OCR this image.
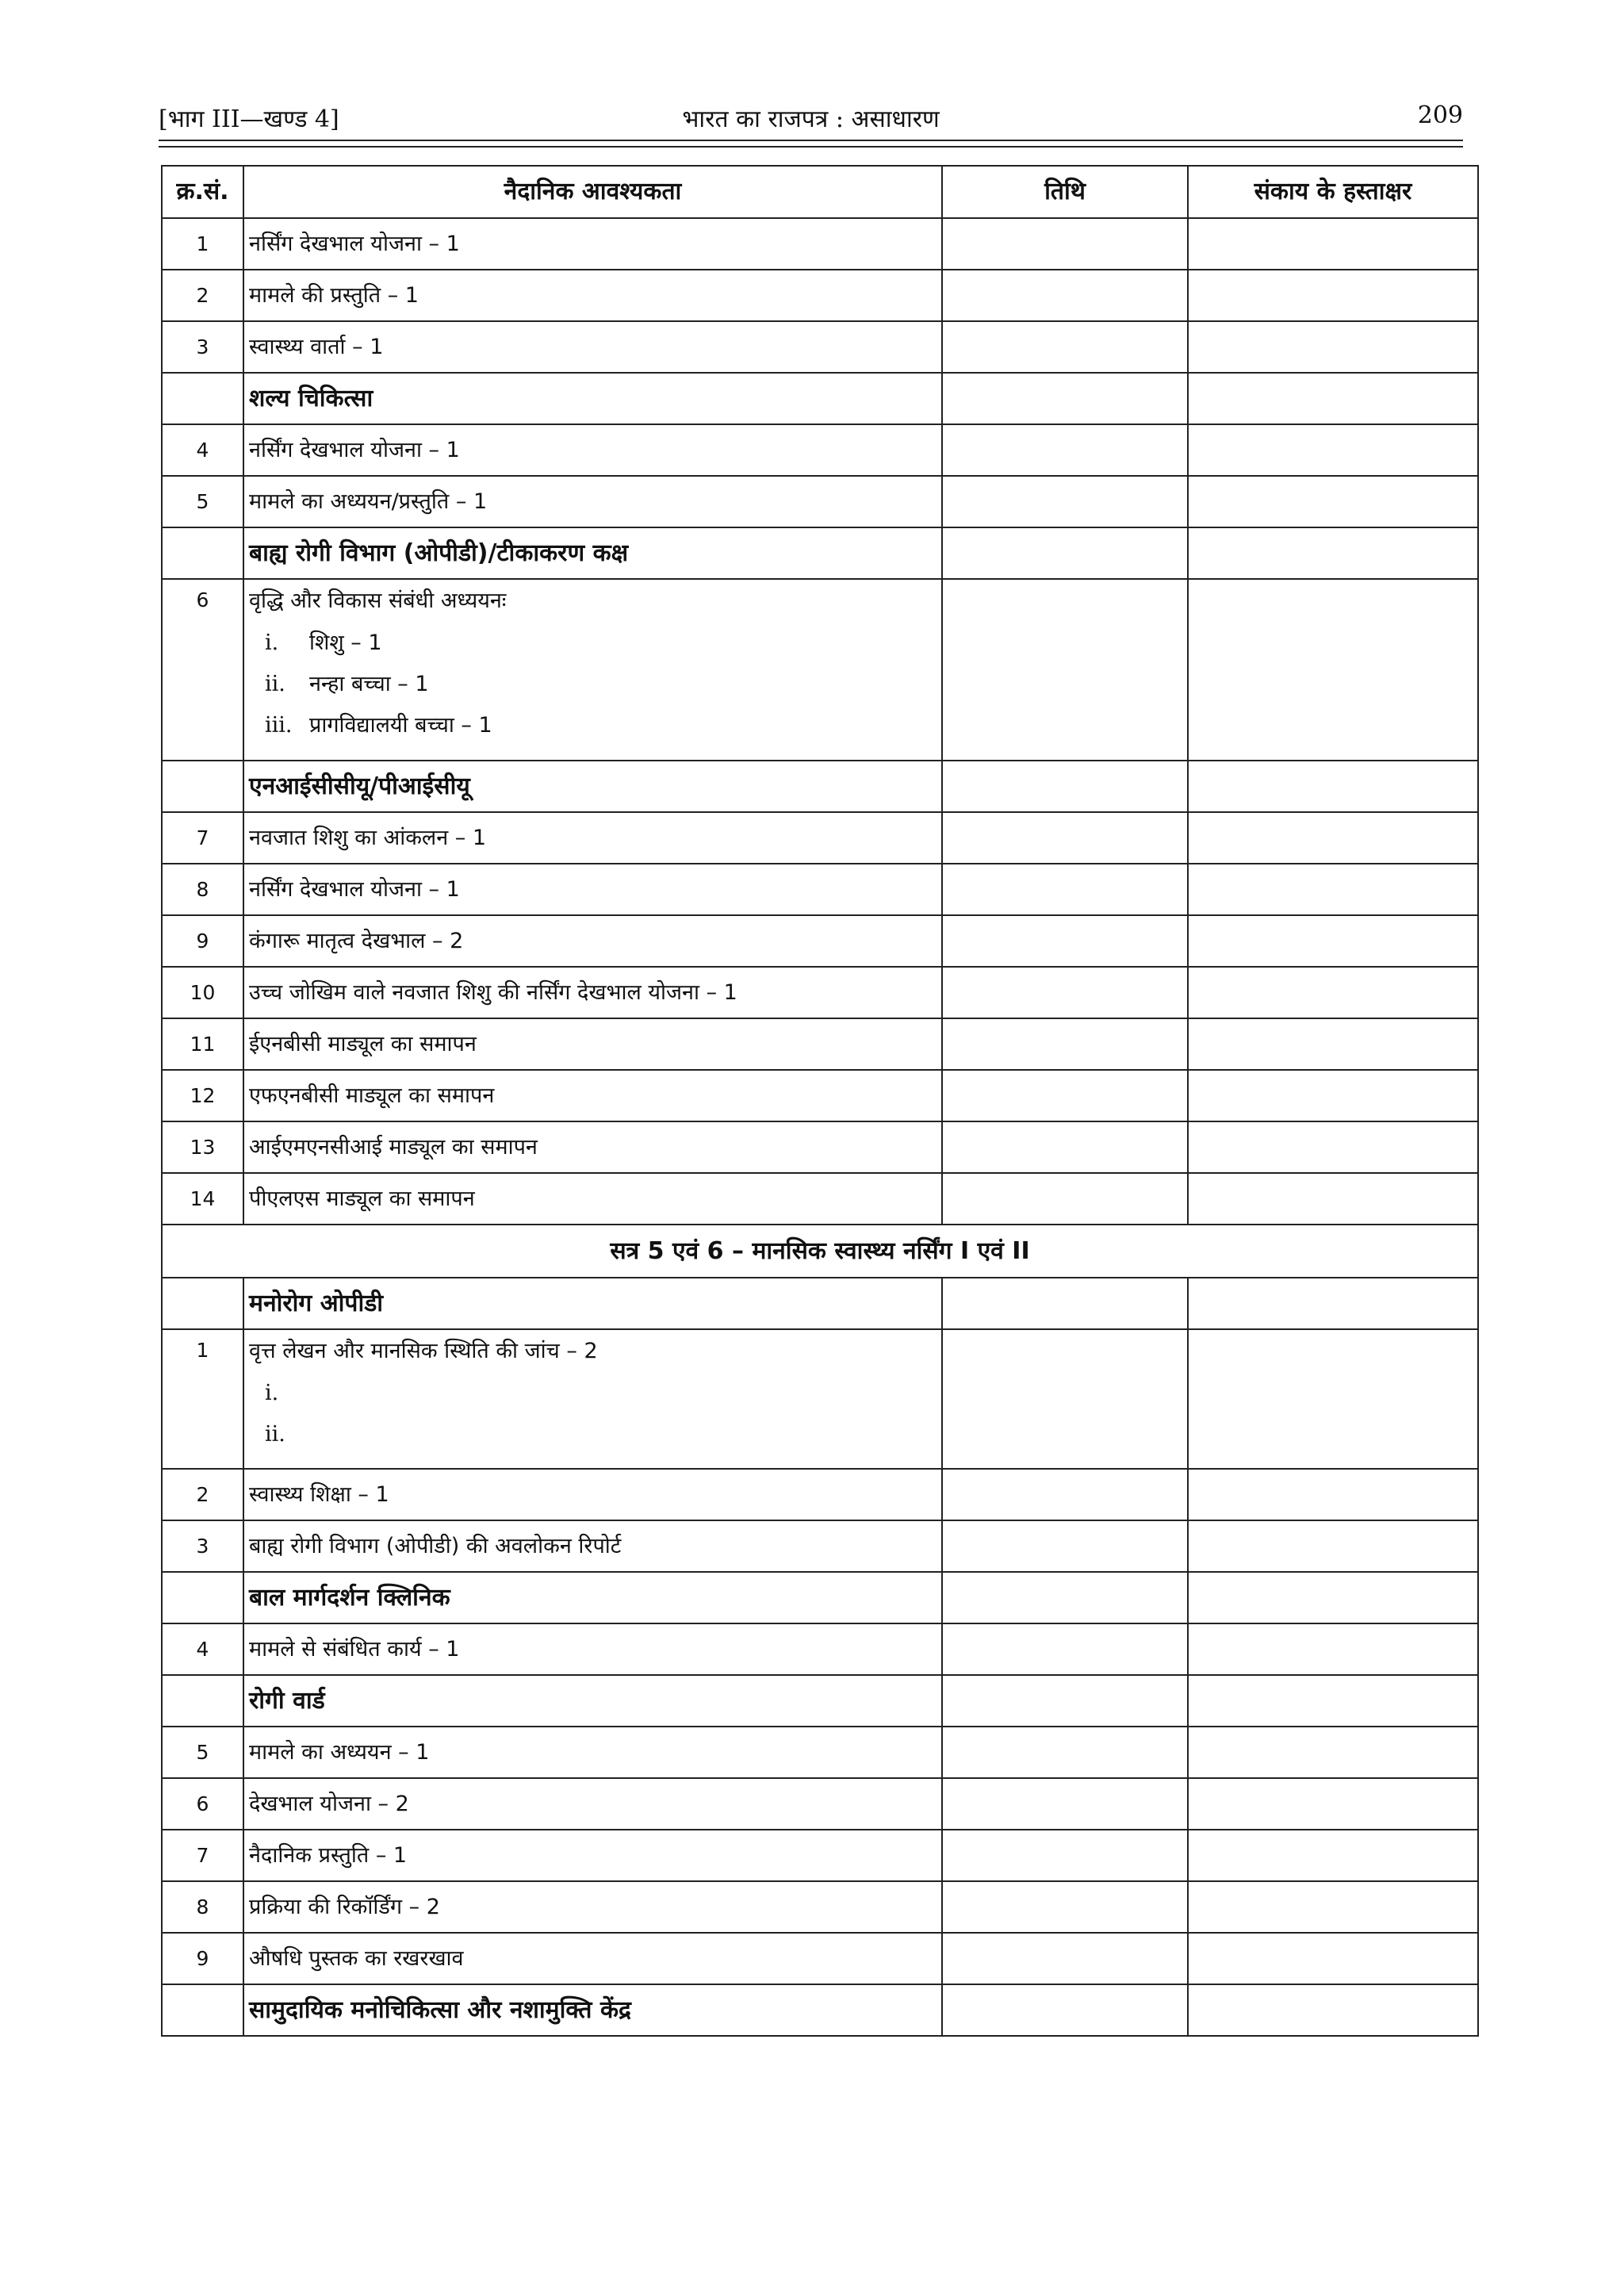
[भाग III—खण्ड 4]	भारत का राजपत्र : असाधारण	209
क्र.सं.	नैदानिक आवश्यकता	तिथि	संकाय के हस्ताक्षर
1	नर्सिंग देखभाल योजना – 1		

2	मामले की प्रस्तुति – 1		

3	स्वास्थ्य वार्ता – 1		

	शल्य चिकित्सा		
4	नर्सिंग देखभाल योजना – 1		

5	मामले का अध्ययन/प्रस्तुति – 1		

	बाह्य रोगी विभाग (ओपीडी)/टीकाकरण कक्ष		
6	वृद्धि और विकास संबंधी अध्ययनः
i. शिशु – 1
ii. नन्हा बच्चा – 1
iii. प्रागविद्यालयी बच्चा – 1		

	एनआईसीसीयू/पीआईसीयू		
7	नवजात शिशु का आंकलन – 1		

8	नर्सिंग देखभाल योजना – 1		

9	कंगारू मातृत्व देखभाल – 2		

10	उच्च जोखिम वाले नवजात शिशु की नर्सिंग देखभाल योजना – 1		

11	ईएनबीसी माड्यूल का समापन		

12	एफएनबीसी माड्यूल का समापन		

13	आईएमएनसीआई माड्यूल का समापन		

14	पीएलएस माड्यूल का समापन		

सत्र 5 एवं 6 – मानसिक स्वास्थ्य नर्सिंग I एवं II			
	मनोरोग ओपीडी		
1	वृत्त लेखन और मानसिक स्थिति की जांच – 2
i.
ii.		

2	स्वास्थ्य शिक्षा – 1		

3	बाह्य रोगी विभाग (ओपीडी) की अवलोकन रिपोर्ट		

	बाल मार्गदर्शन क्लिनिक		
4	मामले से संबंधित कार्य – 1		

	रोगी वार्ड		
5	मामले का अध्ययन – 1		

6	देखभाल योजना – 2		

7	नैदानिक प्रस्तुति – 1		

8	प्रक्रिया की रिकॉर्डिंग – 2		

9	औषधि पुस्तक का रखरखाव		

	सामुदायिक मनोचिकित्सा और नशामुक्ति केंद्र		
